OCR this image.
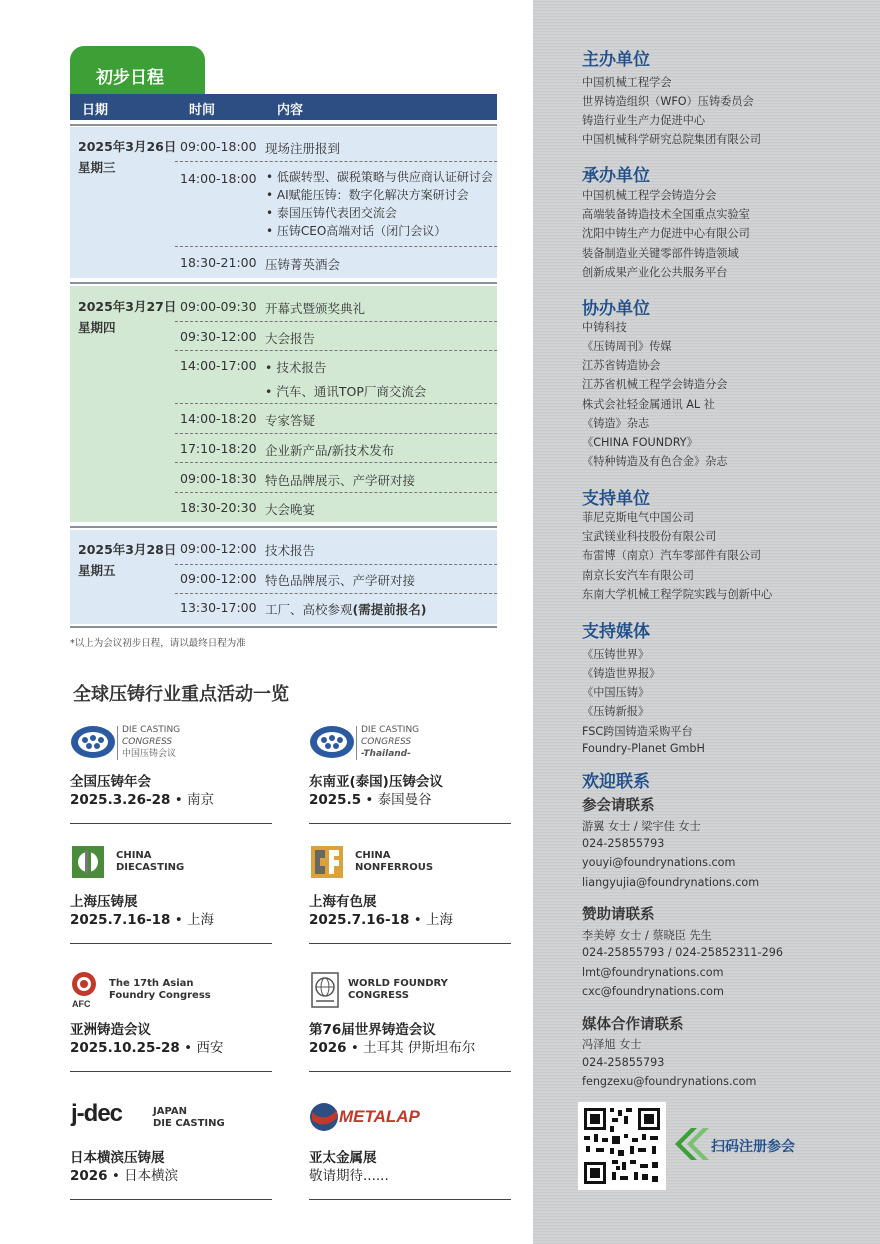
初步日程
日期	时间	内容
2025年3月26日
星期三
09:00-18:00 现场注册报到
14:00-18:00 • 低碳转型、碳税策略与供应商认证研讨会
• AI赋能压铸：数字化解决方案研讨会
• 泰国压铸代表团交流会
• 压铸CEO高端对话（闭门会议）
18:30-21:00 压铸菁英酒会
2025年3月27日
星期四
09:00-09:30 开幕式暨颁奖典礼
09:30-12:00 大会报告
14:00-17:00 • 技术报告
• 汽车、通讯TOP厂商交流会
14:00-18:20 专家答疑
17:10-18:20 企业新产品/新技术发布
09:00-18:30 特色品牌展示、产学研对接
18:30-20:30 大会晚宴
2025年3月28日
星期五
09:00-12:00 技术报告
09:00-12:00 特色品牌展示、产学研对接
13:30-17:00 工厂、高校参观(需提前报名)
*以上为会议初步日程，请以最终日程为准
全球压铸行业重点活动一览
DIE CASTING
CONGRESS
中国压铸会议
全国压铸年会
2025.3.26-28 • 南京
DIE CASTING
CONGRESS
-Thailand-
东南亚(泰国)压铸会议
2025.5 • 泰国曼谷
CHINA
DIECASTING
上海压铸展
2025.7.16-18 • 上海
CHINA
NONFERROUS
上海有色展
2025.7.16-18 • 上海
AFC
The 17th Asian
Foundry Congress
亚洲铸造会议
2025.10.25-28 • 西安
WORLD FOUNDRY
CONGRESS
第76届世界铸造会议
2026 • 土耳其 伊斯坦布尔
j-dec	JAPAN
DIE CASTING
日本横滨压铸展
2026 • 日本横滨
METALAP
亚太金属展
敬请期待......
主办单位
中国机械工程学会
世界铸造组织（WFO）压铸委员会
铸造行业生产力促进中心
中国机械科学研究总院集团有限公司
承办单位
中国机械工程学会铸造分会
高端装备铸造技术全国重点实验室
沈阳中铸生产力促进中心有限公司
装备制造业关键零部件铸造领域
创新成果产业化公共服务平台
协办单位
中铸科技
《压铸周刊》传媒
江苏省铸造协会
江苏省机械工程学会铸造分会
株式会社轻金属通讯 AL 社
《铸造》杂志
《CHINA FOUNDRY》
《特种铸造及有色合金》杂志
支持单位
菲尼克斯电气中国公司
宝武镁业科技股份有限公司
布雷博（南京）汽车零部件有限公司
南京长安汽车有限公司
东南大学机械工程学院实践与创新中心
支持媒体
《压铸世界》
《铸造世界报》
《中国压铸》
《压铸新报》
FSC跨国铸造采购平台
Foundry-Planet GmbH
欢迎联系
参会请联系
游翼 女士 / 梁宇佳 女士
024-25855793
youyi@foundrynations.com
liangyujia@foundrynations.com
赞助请联系
李美婷 女士 / 蔡晓臣 先生
024-25855793 / 024-25852311-296
lmt@foundrynations.com
cxc@foundrynations.com
媒体合作请联系
冯泽旭 女士
024-25855793
fengzexu@foundrynations.com
扫码注册参会
